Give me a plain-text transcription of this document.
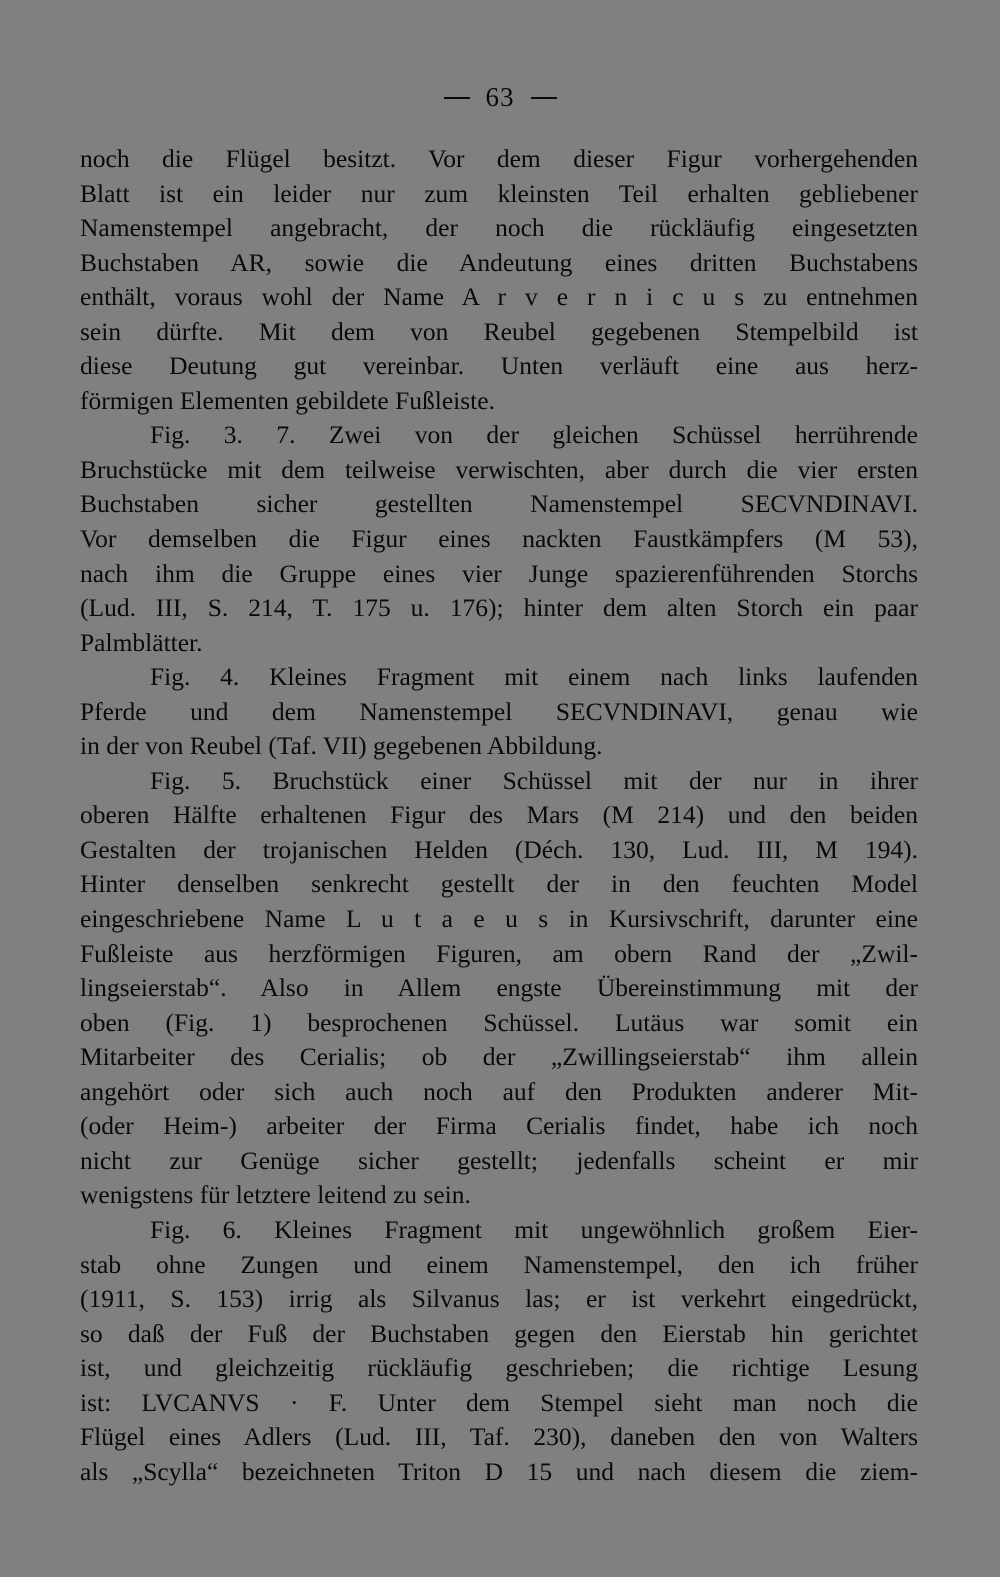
63
noch die Flügel besitzt. Vor dem dieser Figur vorhergehenden
Blatt ist ein leider nur zum kleinsten Teil erhalten gebliebener
Namenstempel angebracht, der noch die rückläufig eingesetzten
Buchstaben AR, sowie die Andeutung eines dritten Buchstabens
enthält, voraus wohl der Name A r v e r n i c u s zu entnehmen
sein dürfte. Mit dem von Reubel gegebenen Stempelbild ist
diese Deutung gut vereinbar. Unten verläuft eine aus herz-
förmigen Elementen gebildete Fußleiste.
Fig. 3. 7. Zwei von der gleichen Schüssel herrührende
Bruchstücke mit dem teilweise verwischten, aber durch die vier ersten
Buchstaben sicher gestellten Namenstempel SECVNDINAVI.
Vor demselben die Figur eines nackten Faustkämpfers (M 53),
nach ihm die Gruppe eines vier Junge spazierenführenden Storchs
(Lud. III, S. 214, T. 175 u. 176); hinter dem alten Storch ein paar
Palmblätter.
Fig. 4. Kleines Fragment mit einem nach links laufenden
Pferde und dem Namenstempel SECVNDINAVI, genau wie
in der von Reubel (Taf. VII) gegebenen Abbildung.
Fig. 5. Bruchstück einer Schüssel mit der nur in ihrer
oberen Hälfte erhaltenen Figur des Mars (M 214) und den beiden
Gestalten der trojanischen Helden (Déch. 130, Lud. III, M 194).
Hinter denselben senkrecht gestellt der in den feuchten Model
eingeschriebene Name L u t a e u s in Kursivschrift, darunter eine
Fußleiste aus herzförmigen Figuren, am obern Rand der „Zwil-
lingseierstab“. Also in Allem engste Übereinstimmung mit der
oben (Fig. 1) besprochenen Schüssel. Lutäus war somit ein
Mitarbeiter des Cerialis; ob der „Zwillingseierstab“ ihm allein
angehört oder sich auch noch auf den Produkten anderer Mit-
(oder Heim-) arbeiter der Firma Cerialis findet, habe ich noch
nicht zur Genüge sicher gestellt; jedenfalls scheint er mir
wenigstens für letztere leitend zu sein.
Fig. 6. Kleines Fragment mit ungewöhnlich großem Eier-
stab ohne Zungen und einem Namenstempel, den ich früher
(1911, S. 153) irrig als Silvanus las; er ist verkehrt eingedrückt,
so daß der Fuß der Buchstaben gegen den Eierstab hin gerichtet
ist, und gleichzeitig rückläufig geschrieben; die richtige Lesung
ist: LVCANVS · F. Unter dem Stempel sieht man noch die
Flügel eines Adlers (Lud. III, Taf. 230), daneben den von Walters
als „Scylla“ bezeichneten Triton D 15 und nach diesem die ziem-
